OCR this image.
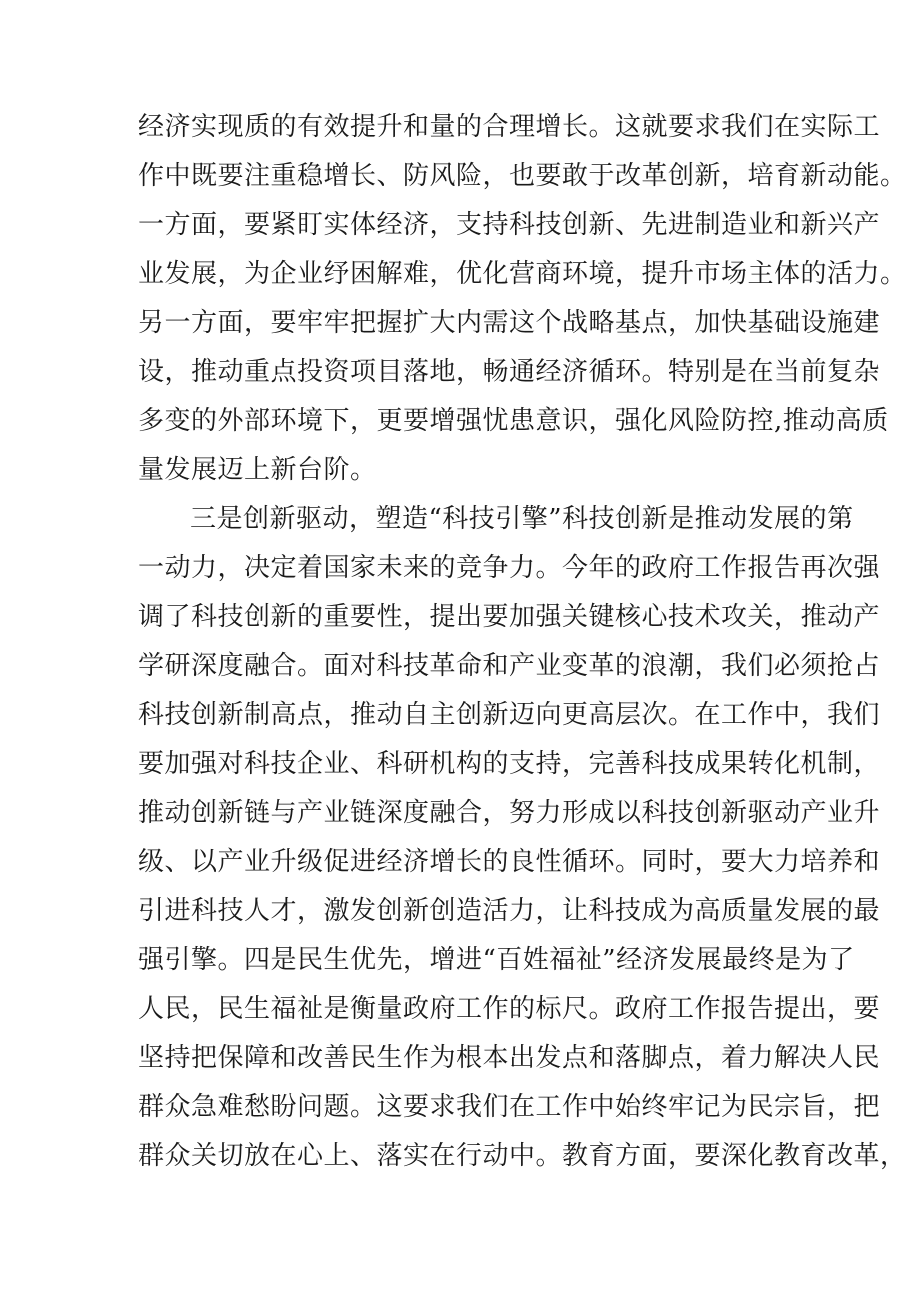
经济实现质的有效提升和量的合理增长。这就要求我们在实际工
作中既要注重稳增长、防风险，也要敢于改革创新，培育新动能。
一方面，要紧盯实体经济，支持科技创新、先进制造业和新兴产
业发展，为企业纾困解难，优化营商环境，提升市场主体的活力。
另一方面，要牢牢把握扩大内需这个战略基点，加快基础设施建
设，推动重点投资项目落地，畅通经济循环。特别是在当前复杂
多变的外部环境下，更要增强忧患意识，强化风险防控,推动高质
量发展迈上新台阶。
三是创新驱动，塑造“科技引擎”科技创新是推动发展的第
一动力，决定着国家未来的竞争力。今年的政府工作报告再次强
调了科技创新的重要性，提出要加强关键核心技术攻关，推动产
学研深度融合。面对科技革命和产业变革的浪潮，我们必须抢占
科技创新制高点，推动自主创新迈向更高层次。在工作中，我们
要加强对科技企业、科研机构的支持，完善科技成果转化机制，
推动创新链与产业链深度融合，努力形成以科技创新驱动产业升
级、以产业升级促进经济增长的良性循环。同时，要大力培养和
引进科技人才，激发创新创造活力，让科技成为高质量发展的最
强引擎。四是民生优先，增进“百姓福祉”经济发展最终是为了
人民，民生福祉是衡量政府工作的标尺。政府工作报告提出，要
坚持把保障和改善民生作为根本出发点和落脚点，着力解决人民
群众急难愁盼问题。这要求我们在工作中始终牢记为民宗旨，把
群众关切放在心上、落实在行动中。教育方面，要深化教育改革，
